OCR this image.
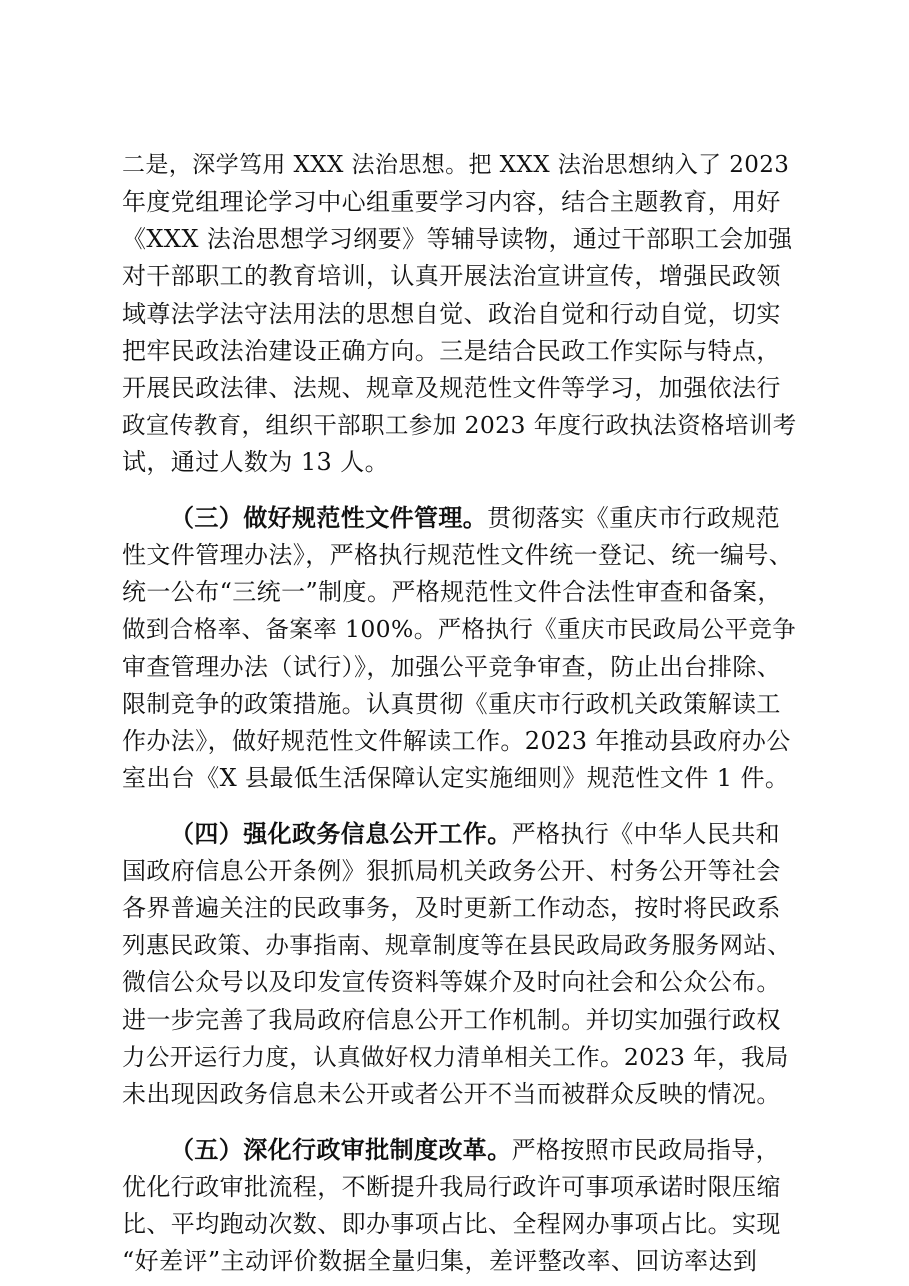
二是，深学笃用 XXX 法治思想。把 XXX 法治思想纳入了 2023
年度党组理论学习中心组重要学习内容，结合主题教育，用好
《XXX 法治思想学习纲要》等辅导读物，通过干部职工会加强
对干部职工的教育培训，认真开展法治宣讲宣传，增强民政领
域尊法学法守法用法的思想自觉、政治自觉和行动自觉，切实
把牢民政法治建设正确方向。三是结合民政工作实际与特点，
开展民政法律、法规、规章及规范性文件等学习，加强依法行
政宣传教育，组织干部职工参加 2023 年度行政执法资格培训考
试，通过人数为 13 人。
（三）做好规范性文件管理。贯彻落实《重庆市行政规范
性文件管理办法》，严格执行规范性文件统一登记、统一编号、
统一公布“三统一”制度。严格规范性文件合法性审查和备案，
做到合格率、备案率 100%。严格执行《重庆市民政局公平竞争
审查管理办法（试行）》，加强公平竞争审查，防止出台排除、
限制竞争的政策措施。认真贯彻《重庆市行政机关政策解读工
作办法》，做好规范性文件解读工作。2023 年推动县政府办公
室出台《X 县最低生活保障认定实施细则》规范性文件 1 件。
（四）强化政务信息公开工作。严格执行《中华人民共和
国政府信息公开条例》狠抓局机关政务公开、村务公开等社会
各界普遍关注的民政事务，及时更新工作动态，按时将民政系
列惠民政策、办事指南、规章制度等在县民政局政务服务网站、
微信公众号以及印发宣传资料等媒介及时向社会和公众公布。
进一步完善了我局政府信息公开工作机制。并切实加强行政权
力公开运行力度，认真做好权力清单相关工作。2023 年，我局
未出现因政务信息未公开或者公开不当而被群众反映的情况。
（五）深化行政审批制度改革。严格按照市民政局指导，
优化行政审批流程，不断提升我局行政许可事项承诺时限压缩
比、平均跑动次数、即办事项占比、全程网办事项占比。实现
“好差评”主动评价数据全量归集，差评整改率、回访率达到
